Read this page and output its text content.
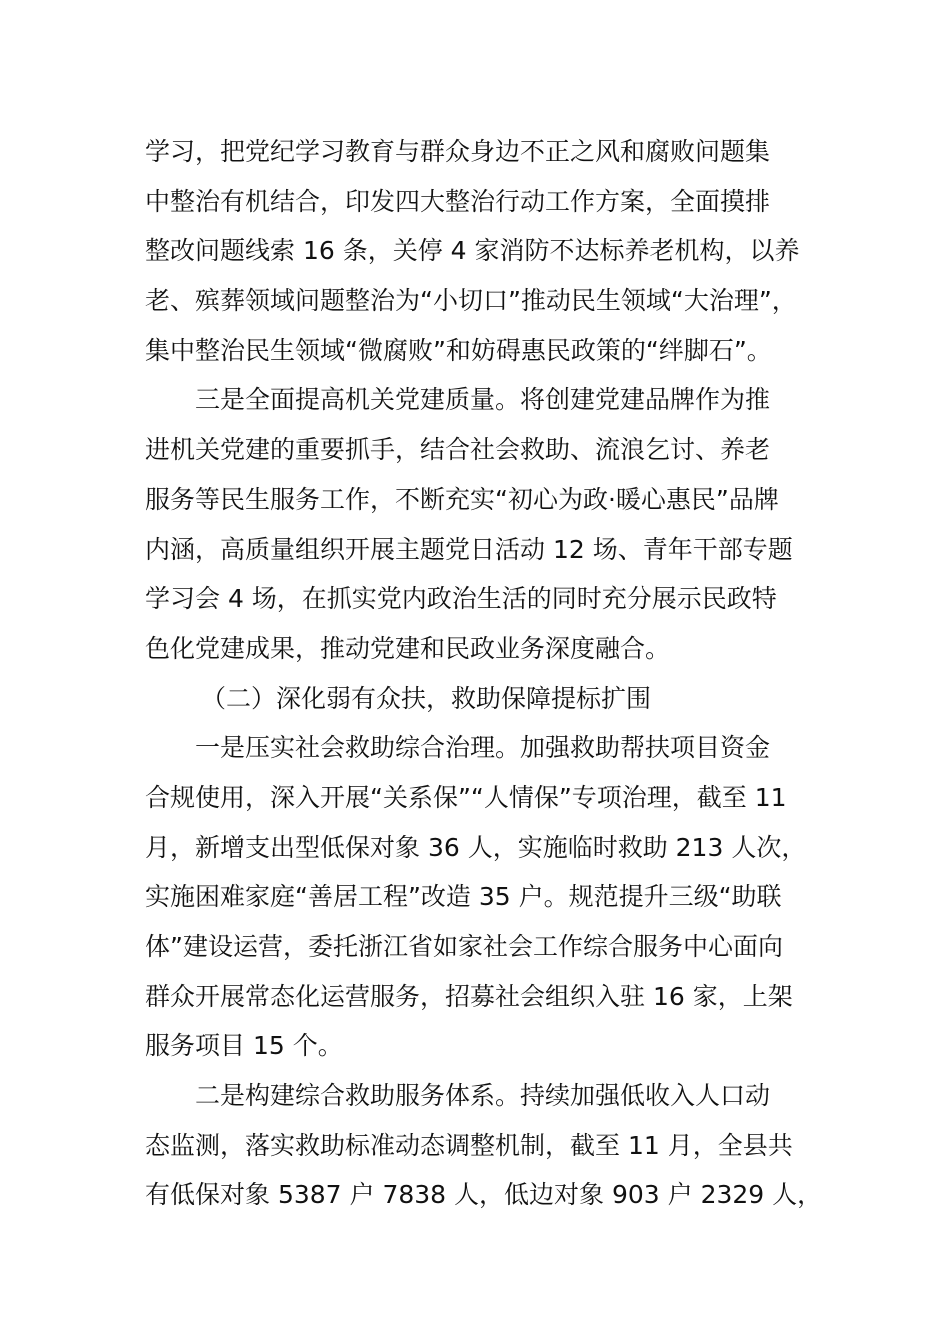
学习，把党纪学习教育与群众身边不正之风和腐败问题集
中整治有机结合，印发四大整治行动工作方案，全面摸排
整改问题线索 16 条，关停 4 家消防不达标养老机构，以养
老、殡葬领域问题整治为“小切口”推动民生领域“大治理”，
集中整治民生领域“微腐败”和妨碍惠民政策的“绊脚石”。
三是全面提高机关党建质量。将创建党建品牌作为推
进机关党建的重要抓手，结合社会救助、流浪乞讨、养老
服务等民生服务工作，不断充实“初心为政·暖心惠民”品牌
内涵，高质量组织开展主题党日活动 12 场、青年干部专题
学习会 4 场，在抓实党内政治生活的同时充分展示民政特
色化党建成果，推动党建和民政业务深度融合。
（二）深化弱有众扶，救助保障提标扩围
一是压实社会救助综合治理。加强救助帮扶项目资金
合规使用，深入开展“关系保”“人情保”专项治理，截至 11
月，新增支出型低保对象 36 人，实施临时救助 213 人次，
实施困难家庭“善居工程”改造 35 户。规范提升三级“助联
体”建设运营，委托浙江省如家社会工作综合服务中心面向
群众开展常态化运营服务，招募社会组织入驻 16 家，上架
服务项目 15 个。
二是构建综合救助服务体系。持续加强低收入人口动
态监测，落实救助标准动态调整机制，截至 11 月，全县共
有低保对象 5387 户 7838 人，低边对象 903 户 2329 人，
